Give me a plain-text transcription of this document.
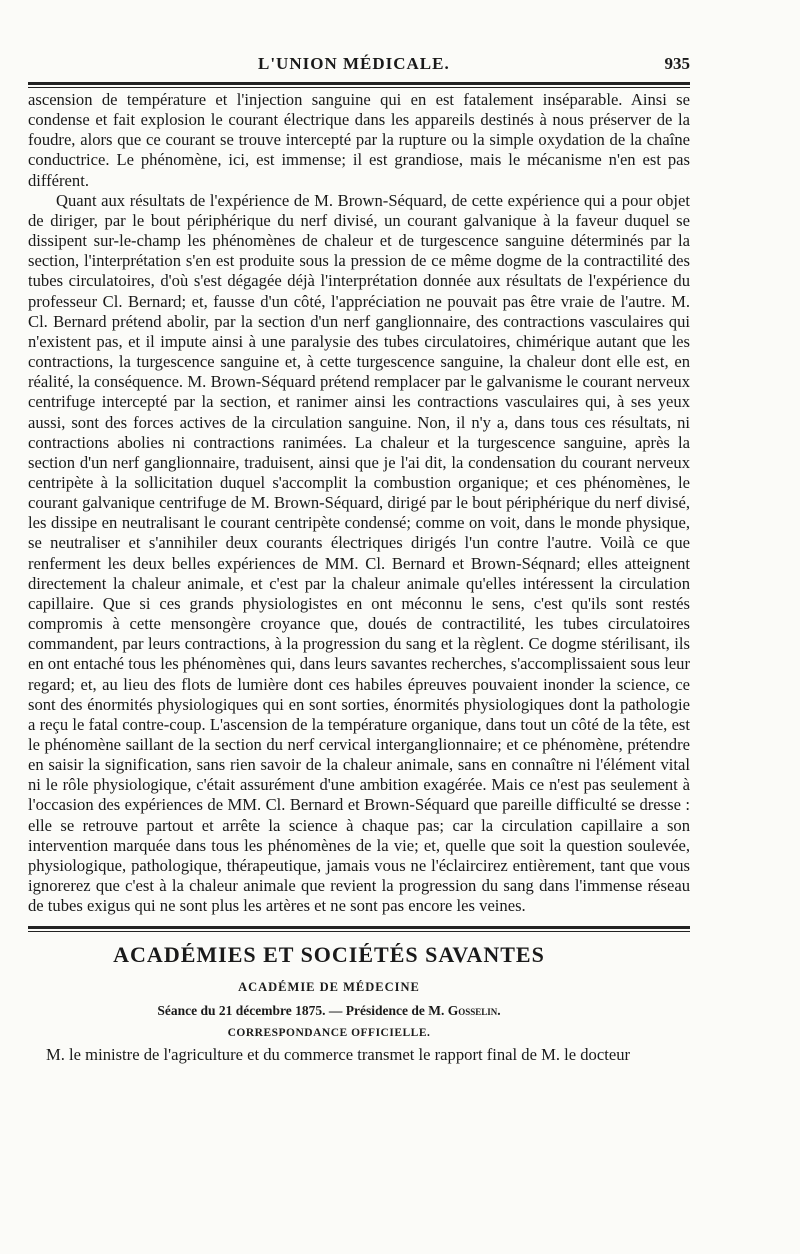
L'UNION MÉDICALE.	935

ascension de température et l'injection sanguine qui en est fatalement inséparable. Ainsi se condense et fait explosion le courant électrique dans les appareils destinés à nous préserver de la foudre, alors que ce courant se trouve intercepté par la rupture ou la simple oxydation de la chaîne conductrice. Le phénomène, ici, est immense; il est grandiose, mais le mécanisme n'en est pas différent.

Quant aux résultats de l'expérience de M. Brown-Séquard, de cette expérience qui a pour objet de diriger, par le bout périphérique du nerf divisé, un courant galvanique à la faveur duquel se dissipent sur-le-champ les phénomènes de chaleur et de turgescence sanguine déterminés par la section, l'interprétation s'en est produite sous la pression de ce même dogme de la contractilité des tubes circulatoires, d'où s'est dégagée déjà l'interprétation donnée aux résultats de l'expérience du professeur Cl. Bernard; et, fausse d'un côté, l'appréciation ne pouvait pas être vraie de l'autre. M. Cl. Bernard prétend abolir, par la section d'un nerf ganglionnaire, des contractions vasculaires qui n'existent pas, et il impute ainsi à une paralysie des tubes circulatoires, chimérique autant que les contractions, la turgescence sanguine et, à cette turgescence sanguine, la chaleur dont elle est, en réalité, la conséquence. M. Brown-Séquard prétend remplacer par le galvanisme le courant nerveux centrifuge intercepté par la section, et ranimer ainsi les contractions vasculaires qui, à ses yeux aussi, sont des forces actives de la circulation sanguine. Non, il n'y a, dans tous ces résultats, ni contractions abolies ni contractions ranimées. La chaleur et la turgescence sanguine, après la section d'un nerf ganglionnaire, traduisent, ainsi que je l'ai dit, la condensation du courant nerveux centripète à la sollicitation duquel s'accomplit la combustion organique; et ces phénomènes, le courant galvanique centrifuge de M. Brown-Séquard, dirigé par le bout périphérique du nerf divisé, les dissipe en neutralisant le courant centripète condensé; comme on voit, dans le monde physique, se neutraliser et s'annihiler deux courants électriques dirigés l'un contre l'autre. Voilà ce que renferment les deux belles expériences de MM. Cl. Bernard et Brown-Séqnard; elles atteignent directement la chaleur animale, et c'est par la chaleur animale qu'elles intéressent la circulation capillaire. Que si ces grands physiologistes en ont méconnu le sens, c'est qu'ils sont restés compromis à cette mensongère croyance que, doués de contractilité, les tubes circulatoires commandent, par leurs contractions, à la progression du sang et la règlent. Ce dogme stérilisant, ils en ont entaché tous les phénomènes qui, dans leurs savantes recherches, s'accomplissaient sous leur regard; et, au lieu des flots de lumière dont ces habiles épreuves pouvaient inonder la science, ce sont des énormités physiologiques qui en sont sorties, énormités physiologiques dont la pathologie a reçu le fatal contre-coup. L'ascension de la température organique, dans tout un côté de la tête, est le phénomène saillant de la section du nerf cervical interganglionnaire; et ce phénomène, prétendre en saisir la signification, sans rien savoir de la chaleur animale, sans en connaître ni l'élément vital ni le rôle physiologique, c'était assurément d'une ambition exagérée. Mais ce n'est pas seulement à l'occasion des expériences de MM. Cl. Bernard et Brown-Séquard que pareille difficulté se dresse : elle se retrouve partout et arrête la science à chaque pas; car la circulation capillaire a son intervention marquée dans tous les phénomènes de la vie; et, quelle que soit la question soulevée, physiologique, pathologique, thérapeutique, jamais vous ne l'éclaircirez entièrement, tant que vous ignorerez que c'est à la chaleur animale que revient la progression du sang dans l'immense réseau de tubes exigus qui ne sont plus les artères et ne sont pas encore les veines.

ACADÉMIES ET SOCIÉTÉS SAVANTES
ACADÉMIE DE MÉDECINE
Séance du 21 décembre 1875. — Présidence de M. Gosselin.
CORRESPONDANCE OFFICIELLE.
M. le ministre de l'agriculture et du commerce transmet le rapport final de M. le docteur
